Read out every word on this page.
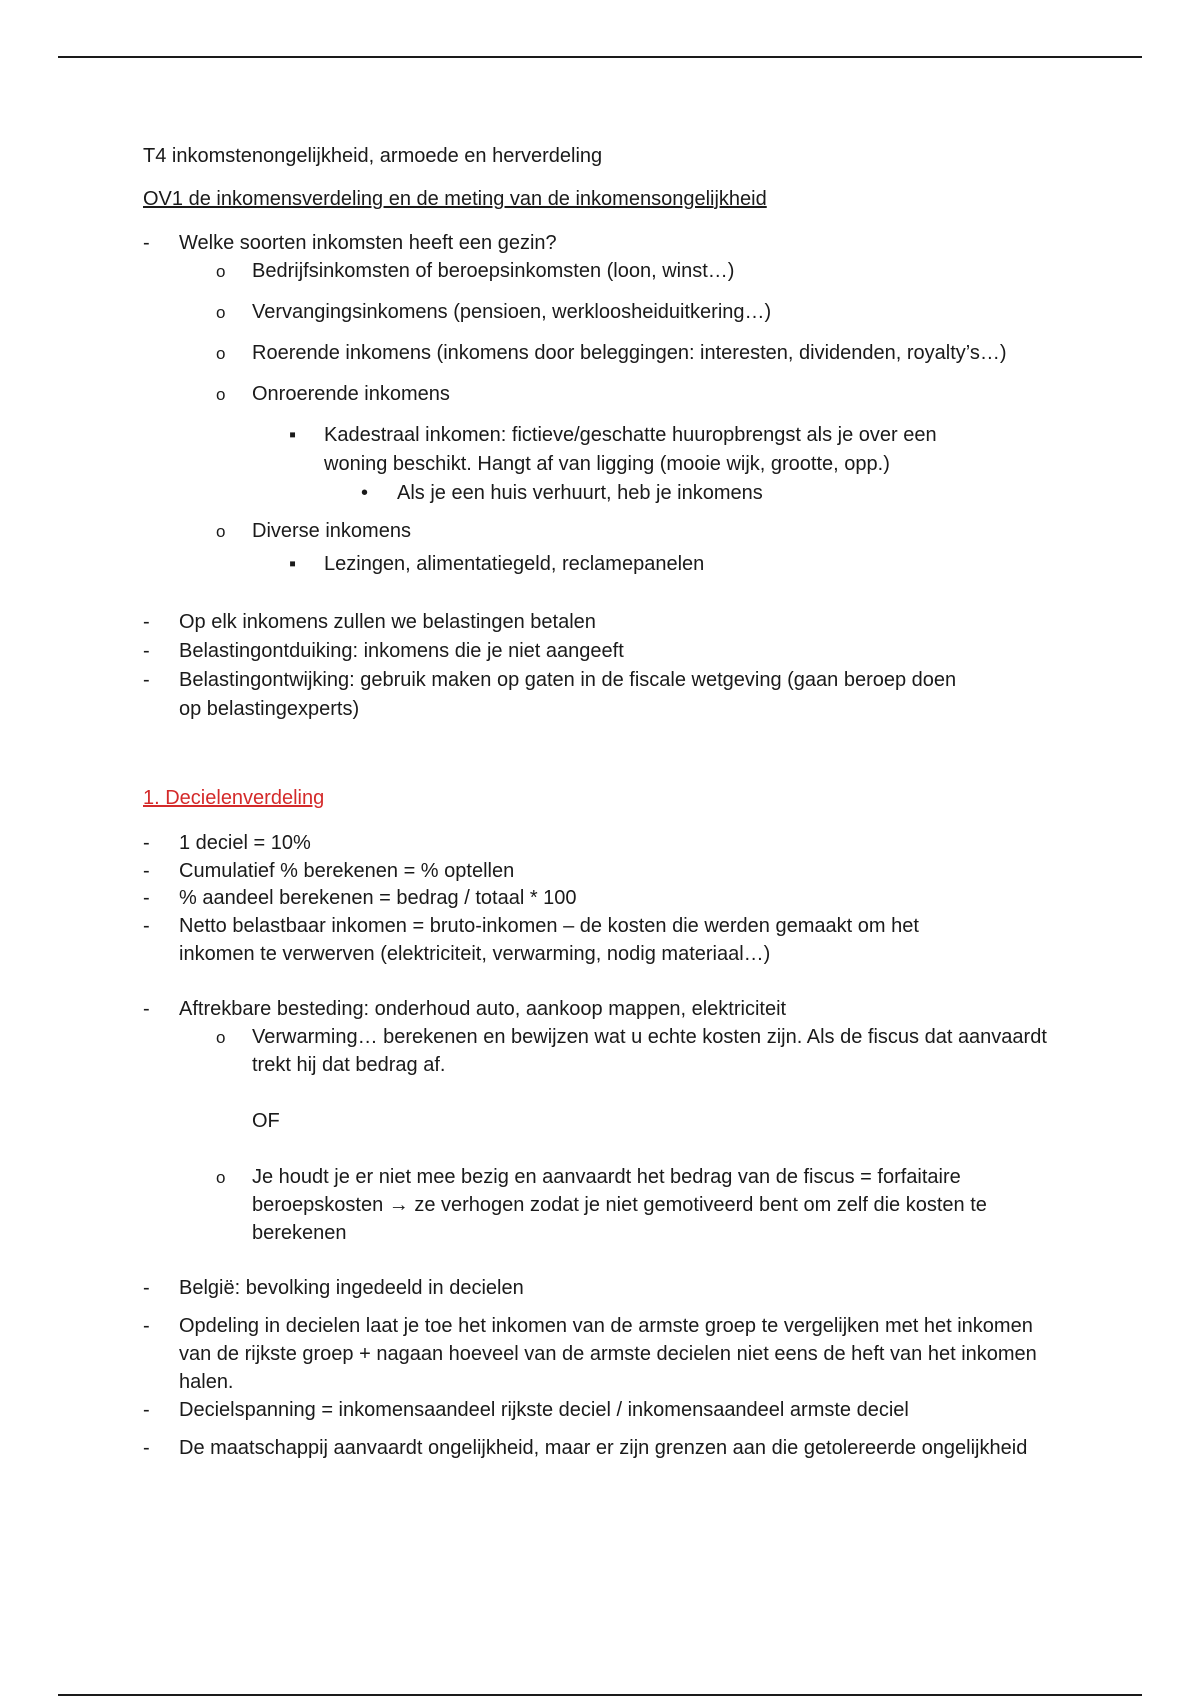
T4 inkomstenongelijkheid, armoede en herverdeling
OV1 de inkomensverdeling en de meting van de inkomensongelijkheid
- Welke soorten inkomsten heeft een gezin?
o Bedrijfsinkomsten of beroepsinkomsten (loon, winst…)
o Vervangingsinkomens (pensioen, werkloosheiduitkering…)
o Roerende inkomens (inkomens door beleggingen: interesten, dividenden, royalty’s…)
o Onroerende inkomens
▪ Kadestraal inkomen: fictieve/geschatte huuropbrengst als je over een
woning beschikt. Hangt af van ligging (mooie wijk, grootte, opp.)
• Als je een huis verhuurt, heb je inkomens
o Diverse inkomens
▪ Lezingen, alimentatiegeld, reclamepanelen
- Op elk inkomens zullen we belastingen betalen
- Belastingontduiking: inkomens die je niet aangeeft
- Belastingontwijking: gebruik maken op gaten in de fiscale wetgeving (gaan beroep doen
op belastingexperts)
1. Decielenverdeling
- 1 deciel = 10%
- Cumulatief % berekenen = % optellen
- % aandeel berekenen = bedrag / totaal * 100
- Netto belastbaar inkomen = bruto-inkomen – de kosten die werden gemaakt om het
inkomen te verwerven (elektriciteit, verwarming, nodig materiaal…)
- Aftrekbare besteding: onderhoud auto, aankoop mappen, elektriciteit
o Verwarming… berekenen en bewijzen wat u echte kosten zijn. Als de fiscus dat aanvaardt
trekt hij dat bedrag af.
OF
o Je houdt je er niet mee bezig en aanvaardt het bedrag van de fiscus = forfaitaire
beroepskosten → ze verhogen zodat je niet gemotiveerd bent om zelf die kosten te
berekenen
- België: bevolking ingedeeld in decielen
- Opdeling in decielen laat je toe het inkomen van de armste groep te vergelijken met het inkomen
van de rijkste groep + nagaan hoeveel van de armste decielen niet eens de heft van het inkomen
halen.
- Decielspanning = inkomensaandeel rijkste deciel / inkomensaandeel armste deciel
- De maatschappij aanvaardt ongelijkheid, maar er zijn grenzen aan die getolereerde ongelijkheid
